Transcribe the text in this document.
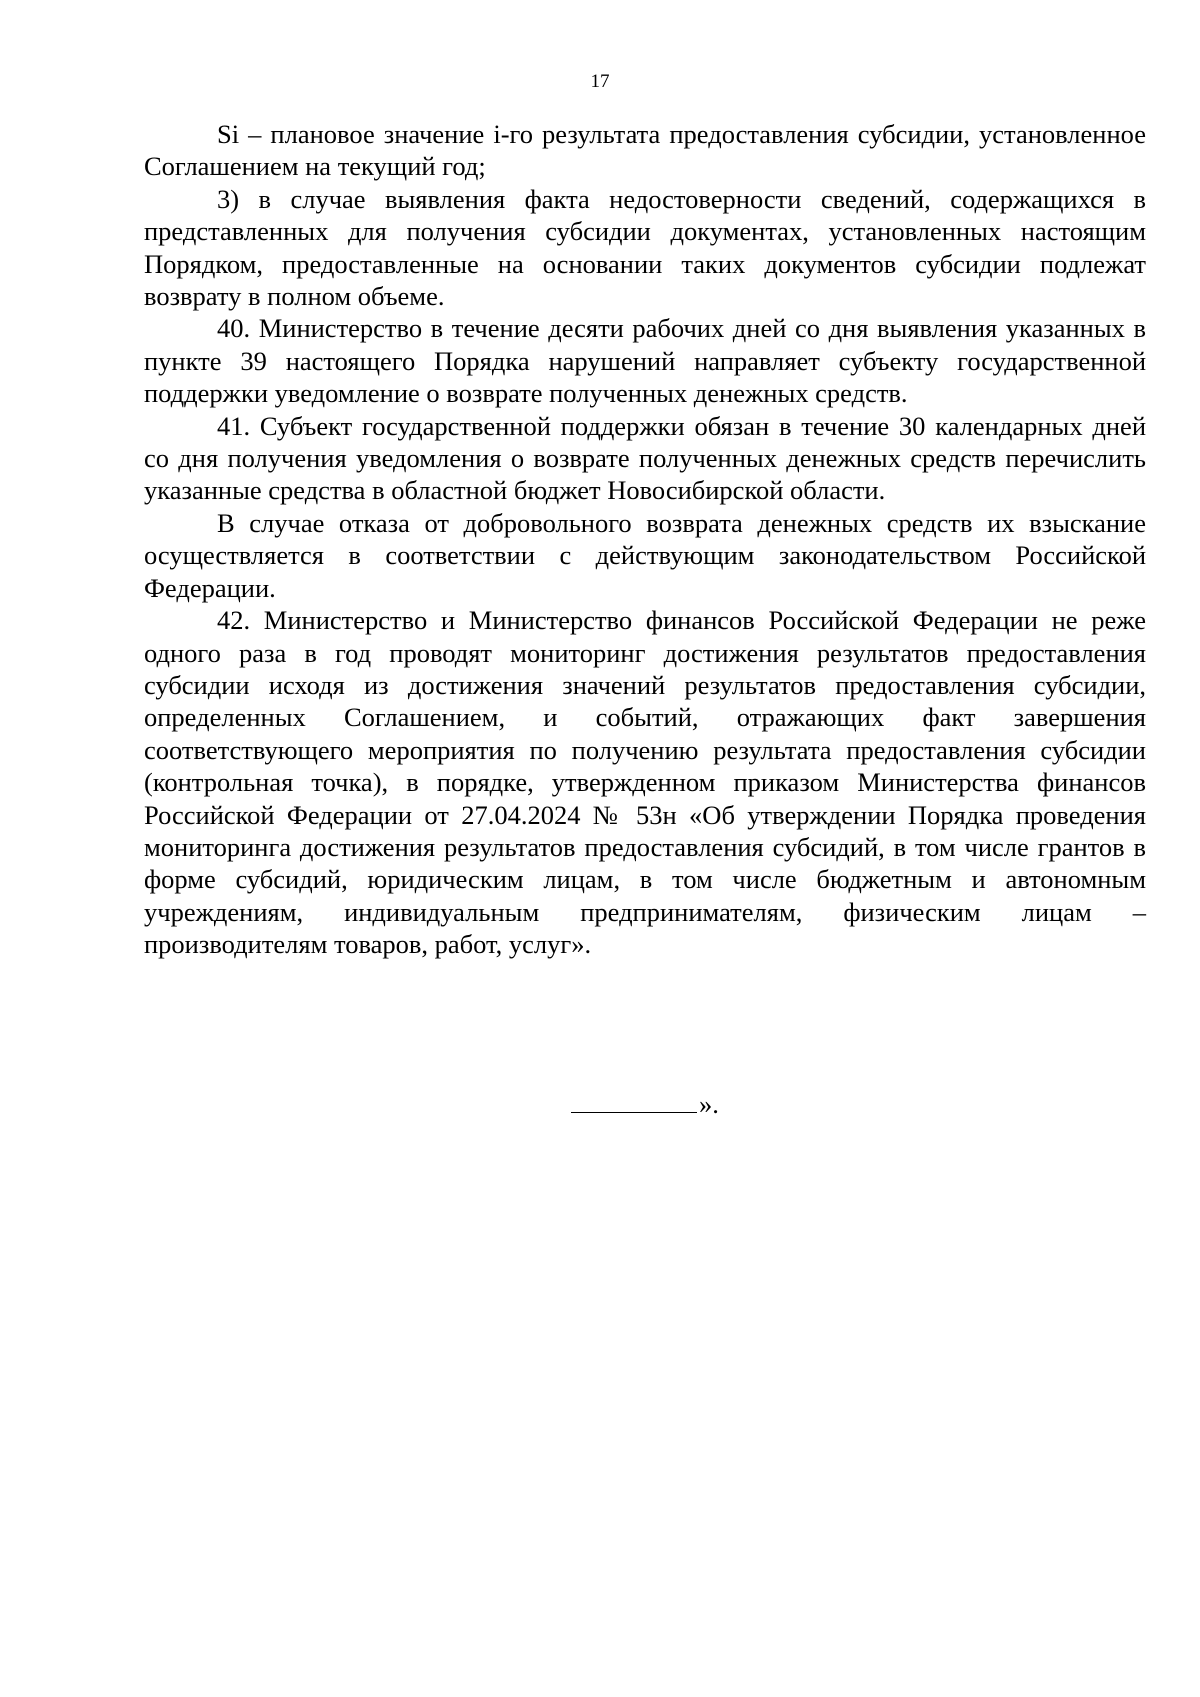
17

Si – плановое значение i-го результата предоставления субсидии, установленное Соглашением на текущий год;

3) в случае выявления факта недостоверности сведений, содержащихся в представленных для получения субсидии документах, установленных настоящим Порядком, предоставленные на основании таких документов субсидии подлежат возврату в полном объеме.

40. Министерство в течение десяти рабочих дней со дня выявления указанных в пункте 39 настоящего Порядка нарушений направляет субъекту государственной поддержки уведомление о возврате полученных денежных средств.

41. Субъект государственной поддержки обязан в течение 30 календарных дней со дня получения уведомления о возврате полученных денежных средств перечислить указанные средства в областной бюджет Новосибирской области.

В случае отказа от добровольного возврата денежных средств их взыскание осуществляется в соответствии с действующим законодательством Российской Федерации.

42. Министерство и Министерство финансов Российской Федерации не реже одного раза в год проводят мониторинг достижения результатов предоставления субсидии исходя из достижения значений результатов предоставления субсидии, определенных Соглашением, и событий, отражающих факт завершения соответствующего мероприятия по получению результата предоставления субсидии (контрольная точка), в порядке, утвержденном приказом Министерства финансов Российской Федерации от 27.04.2024 № 53н «Об утверждении Порядка проведения мониторинга достижения результатов предоставления субсидий, в том числе грантов в форме субсидий, юридическим лицам, в том числе бюджетным и автономным учреждениям, индивидуальным предпринимателям, физическим лицам – производителям товаров, работ, услуг».

».
